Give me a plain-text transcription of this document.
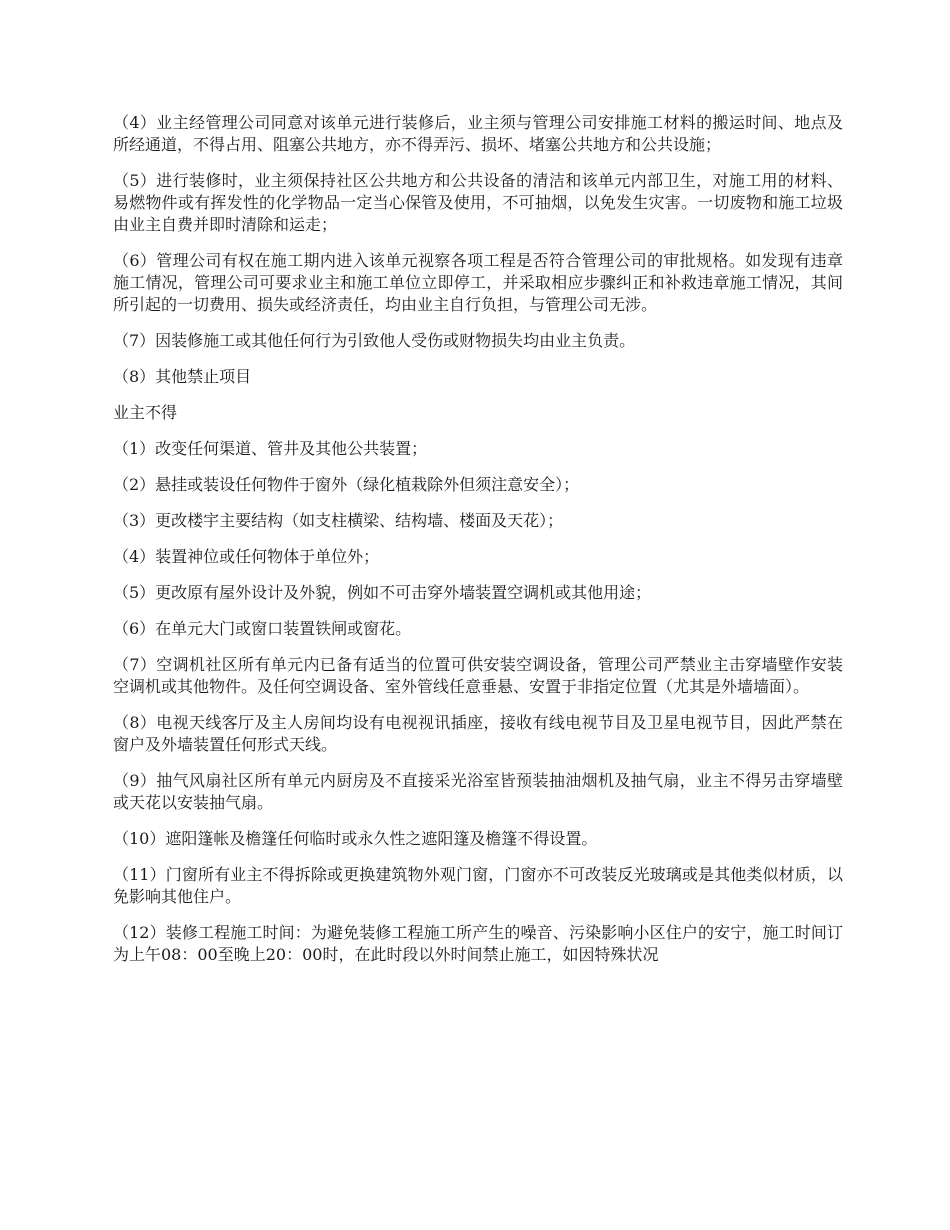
（4）业主经管理公司同意对该单元进行装修后，业主须与管理公司安排施工材料的搬运时间、地点及所经通道，不得占用、阻塞公共地方，亦不得弄污、损坏、堵塞公共地方和公共设施；

（5）进行装修时，业主须保持社区公共地方和公共设备的清洁和该单元内部卫生，对施工用的材料、易燃物件或有挥发性的化学物品一定当心保管及使用，不可抽烟，以免发生灾害。一切废物和施工垃圾由业主自费并即时清除和运走；

（6）管理公司有权在施工期内进入该单元视察各项工程是否符合管理公司的审批规格。如发现有违章施工情况，管理公司可要求业主和施工单位立即停工，并采取相应步骤纠正和补救违章施工情况，其间所引起的一切费用、损失或经济责任，均由业主自行负担，与管理公司无涉。

（7）因装修施工或其他任何行为引致他人受伤或财物损失均由业主负责。

（8）其他禁止项目

业主不得

（1）改变任何渠道、管井及其他公共装置；

（2）悬挂或装设任何物件于窗外（绿化植栽除外但须注意安全）；

（3）更改楼宇主要结构（如支柱横梁、结构墙、楼面及天花）；

（4）装置神位或任何物体于单位外；

（5）更改原有屋外设计及外貌，例如不可击穿外墙装置空调机或其他用途；

（6）在单元大门或窗口装置铁闸或窗花。

（7）空调机社区所有单元内已备有适当的位置可供安装空调设备，管理公司严禁业主击穿墙壁作安装空调机或其他物件。及任何空调设备、室外管线任意垂悬、安置于非指定位置（尤其是外墙墙面）。

（8）电视天线客厅及主人房间均设有电视视讯插座，接收有线电视节目及卫星电视节目，因此严禁在窗户及外墙装置任何形式天线。

（9）抽气风扇社区所有单元内厨房及不直接采光浴室皆预装抽油烟机及抽气扇，业主不得另击穿墙壁或天花以安装抽气扇。

（10）遮阳篷帐及檐篷任何临时或永久性之遮阳篷及檐篷不得设置。

（11）门窗所有业主不得拆除或更换建筑物外观门窗，门窗亦不可改装反光玻璃或是其他类似材质，以免影响其他住户。

（12）装修工程施工时间：为避免装修工程施工所产生的噪音、污染影响小区住户的安宁，施工时间订为上午08：00至晚上20：00时，在此时段以外时间禁止施工，如因特殊状况
